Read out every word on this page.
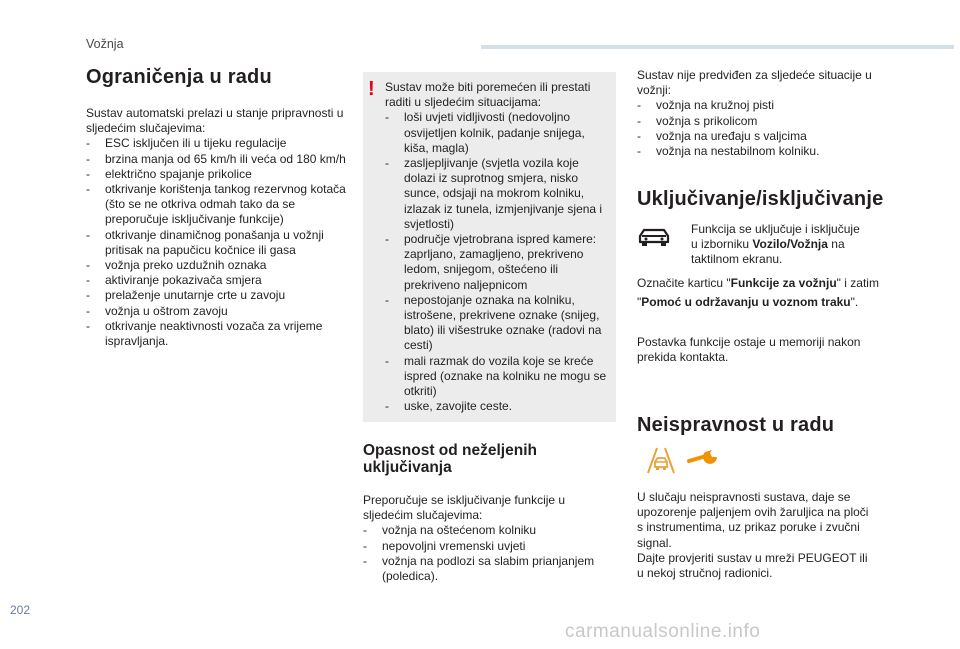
Vožnja
Ograničenja u radu

Sustav automatski prelazi u stanje pripravnosti u sljedećim slučajevima:

- ESC isključen ili u tijeku regulacije
- brzina manja od 65 km/h ili veća od 180 km/h
- električno spajanje prikolice
- otkrivanje korištenja tankog rezervnog kotača (što se ne otkriva odmah tako da se preporučuje isključivanje funkcije)
- otkrivanje dinamičnog ponašanja u vožnji pritisak na papučicu kočnice ili gasa
- vožnja preko uzdužnih oznaka
- aktiviranje pokazivača smjera
- prelaženje unutarnje crte u zavoju
- vožnja u oštrom zavoju
- otkrivanje neaktivnosti vozača za vrijeme ispravljanja.
! Sustav može biti poremećen ili prestati raditi u sljedećim situacijama:

- loši uvjeti vidljivosti (nedovoljno osvijetljen kolnik, padanje snijega, kiša, magla)
- zasljepljivanje (svjetla vozila koje dolazi iz suprotnog smjera, nisko sunce, odsjaji na mokrom kolniku, izlazak iz tunela, izmjenjivanje sjena i svjetlosti)
- područje vjetrobrana ispred kamere: zaprljano, zamagljeno, prekriveno ledom, snijegom, oštećeno ili prekriveno naljepnicom
- nepostojanje oznaka na kolniku, istrošene, prekrivene oznake (snijeg, blato) ili višestruke oznake (radovi na cesti)
- mali razmak do vozila koje se kreće ispred (oznake na kolniku ne mogu se otkriti)
- uske, zavojite ceste.
Opasnost od neželjenih uključivanja

Preporučuje se isključivanje funkcije u sljedećim slučajevima:

- vožnja na oštećenom kolniku
- nepovoljni vremenski uvjeti
- vožnja na podlozi sa slabim prianjanjem (poledica).

Sustav nije predviđen za sljedeće situacije u vožnji:

- vožnja na kružnoj pisti
- vožnja s prikolicom
- vožnja na uređaju s valjcima
- vožnja na nestabilnom kolniku.
Uključivanje/isključivanje

Funkcija se uključuje i isključuje u izborniku Vozilo/Vožnja na taktilnom ekranu.

Označite karticu "Funkcije za vožnju" i zatim

"Pomoć u održavanju u voznom traku".

Postavka funkcije ostaje u memoriji nakon prekida kontakta.

Neispravnost u radu

U slučaju neispravnosti sustava, daje se upozorenje paljenjem ovih žaruljica na ploči s instrumentima, uz prikaz poruke i zvučni signal.

Dajte provjeriti sustav u mreži PEUGEOT ili u nekoj stručnoj radionici.

202
carmanualsonline.info
